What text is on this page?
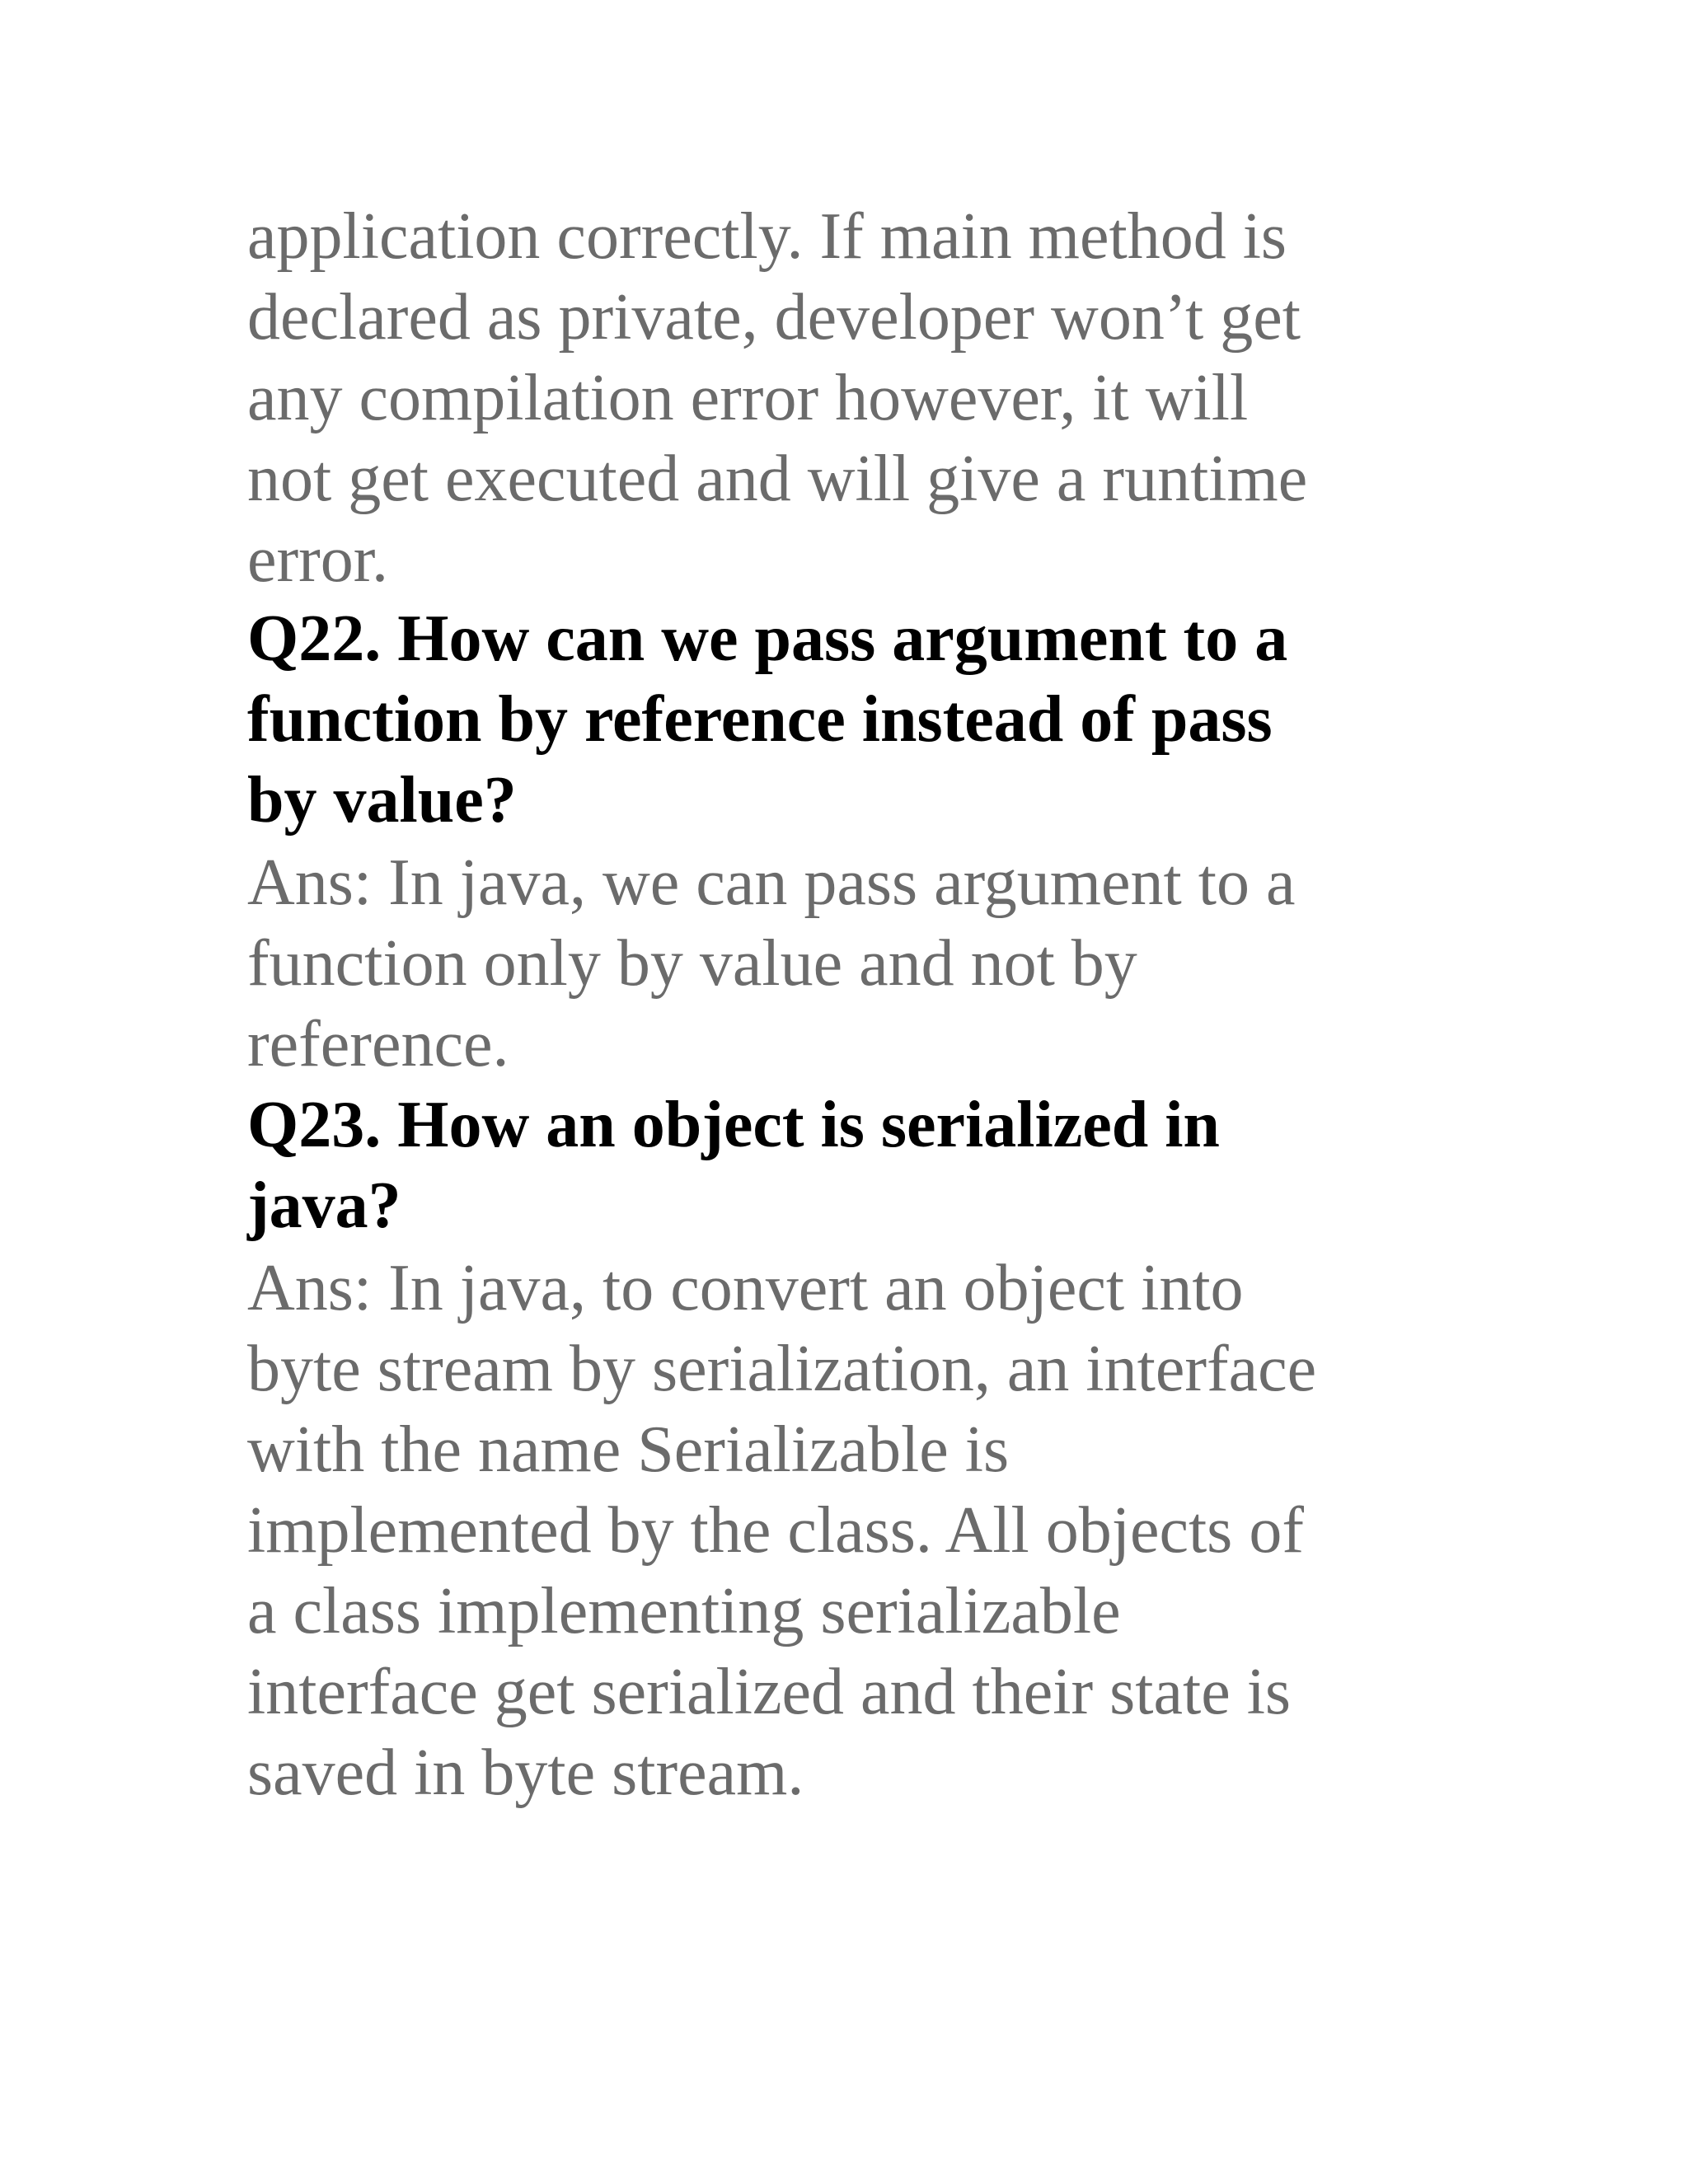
application correctly. If main method is
declared as private, developer won’t get
any compilation error however, it will
not get executed and will give a runtime
error.
Q22. How can we pass argument to a
function by reference instead of pass
by value?
Ans: In java, we can pass argument to a
function only by value and not by
reference.
Q23. How an object is serialized in
java?
Ans: In java, to convert an object into
byte stream by serialization, an interface
with the name Serializable is
implemented by the class. All objects of
a class implementing serializable
interface get serialized and their state is
saved in byte stream.
